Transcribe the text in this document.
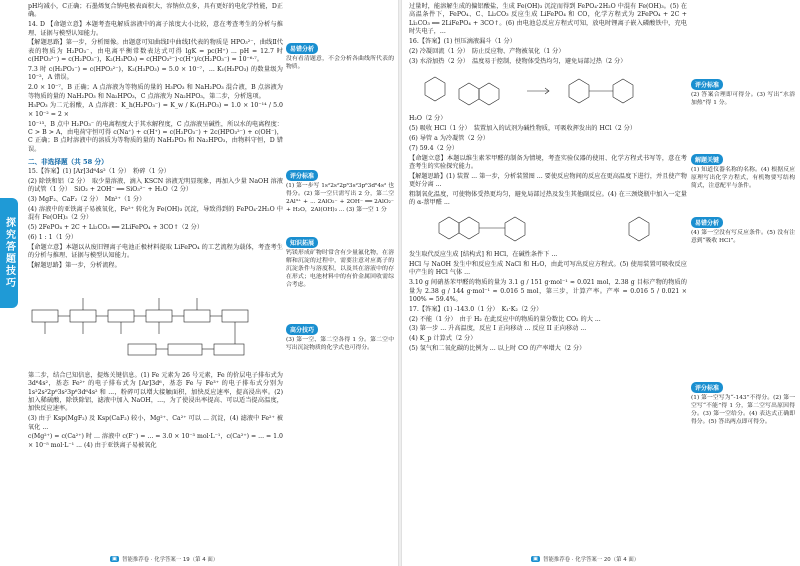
探究答题技巧

pH均减小，C正确；石墨烯复合钠电极表面积大，容钠位点多，具有更好的电化学性能，D正确。

14. D 【命题立意】本题考查电解质溶液中的离子浓度大小比较，意在考查考生的分析与推理、证据与模型认知能力。

【解题思路】第一步，分析图像。由题意可知曲线Ⅰ中曲线Ⅰ代表的物质是 HPO₃²⁻，曲线Ⅱ代表的物质为 H₂PO₃⁻，由电离平衡常数表达式可得 lgK = pc(H⁺) ... pH = 12.7 时 c(HPO₃²⁻) = c(H₂PO₃⁻)，K₂(H₃PO₃) = c(HPO₃²⁻)·c(H⁺)/c(H₂PO₃⁻) = 10⁻⁶·⁷。

7.3 时 c(H₂PO₃⁻) = c(HPO₃²⁻)，K₂(H₃PO₃) = 5.0 × 10⁻⁷，... K₁(H₃PO₃) 的数量级为 10⁻²，A 错误。

2.0 × 10⁻⁷，B 正确；A 点溶液为等物质的量的 H₃PO₃ 和 NaH₂PO₃ 混合液，B 点溶液为等物质的量的 NaH₂PO₃ 和 Na₂HPO₃，C 点溶液为 Na₂HPO₃，第二步，分析选项。

H₃PO₃ 为二元弱酸，A 点溶液：K_h(H₂PO₃⁻) = K_w / K₁(H₃PO₃) = 1.0 × 10⁻¹⁴ / 5.0 × 10⁻² = 2 ×

10⁻¹³，B 点中 H₂PO₃⁻ 的电离程度大于其水解程度，C 点溶液呈碱性，所以水的电离程度：C > B > A，由电荷守恒可得 c(Na⁺) + c(H⁺) = c(H₂PO₃⁻) + 2c(HPO₃²⁻) + c(OH⁻)，C 正确；B 点时溶液中的溶质为等物质的量的 NaH₂PO₃ 和 Na₂HPO₃，由物料守恒，D 错误。

二、非选择题（共 58 分）

15.【答案】(1) [Ar]3d⁶4s²（1 分）　粉碎（1 分）

(2) 除铁和铝（2 分）　取少量溶液，滴入 KSCN 溶液无明显现象，再加入少量 NaOH 溶液的试管（1 分）　SiO₂ + 2OH⁻ ══ SiO₃²⁻ + H₂O（2 分）

(3) MgF₂、CaF₂（2 分）　Mn²⁺（1 分）

(4) 溶液中的亚铁离子易被氧化，Fe²⁺ 转化为 Fe(OH)₃ 沉淀，导致得到的 FePO₄·2H₂O 中混有 Fe(OH)₃（2 分）

(5) 2FePO₄ + 2C + Li₂CO₃ ══ 2LiFePO₄ + 3CO↑（2 分）

(6) 1 : 1（1 分）

【命题立意】本题以从废旧锂离子电池正极材料提取 LiFePO₄ 的工艺流程为载体，考查考生的分析与推理、证据与模型认知能力。

【解题思路】第一步，分析流程。

第二步，结合已知信息，提炼关键信息。(1) Fe 元素为 26 号元素，Fe 的价层电子排布式为 3d⁶4s²，基态 Fe²⁺ 的电子排布式为 [Ar]3d⁶，基态 Fe 与 Fe³⁺ 的电子排布式分别为 1s²2s²2p⁶3s²3p⁶3d⁶4s² 和 ...，粉碎可以增大接触面积，加快反应速率，提高浸出率。(2) 加入稀硫酸，除铁除铝，滤液中加入 NaOH，...，为了使浸出率提高、可以适当提高温度，加快反应速率。

(3) 由于 Ksp(MgF₂) 及 Ksp(CaF₂) 较小，Mg²⁺、Ca²⁺ 可以 ... 沉淀，(4) 滤液中 Fe²⁺ 被氧化 ...

c(Mg²⁺) = c(Ca²⁺) 时 ... 溶液中 c(F⁻) = ... = 3.0 × 10⁻³ mol·L⁻¹，c(Ca²⁺) = ... = 1.0 × 10⁻⁵ mol·L⁻¹ ... (4) 由于亚铁离子易被氧化

易错分析

没有看清题意，不会分析各曲线所代表的物质。

评分标准

(1) 第一步写 1s²2s²2p⁶3s²3p⁶3d⁶4s² 也得分。(2) 第一空只需写出 2 分，第二空 2Al³⁺ + ... 2AlO₂⁻ + 2OH⁻ ══ 2AlO₂⁻ + H₂O，2Al(OH)₃ ... (3) 第一空 1 分

知识拓展

钙镁形成矿物时常含有少量氟化物，在溶解和沉淀的过程中，需要注意对应离子的沉淀条件与溶度积，以及其在溶液中的存在形式；电池材料中的有价金属回收需综合考虑。

高分技巧

(3) 第一空、第二空各得 1 分。第二空中写出沉淀物质的化学式也可得分。

▣ 智能推荐卷 · 化学答案一 19（第 4 面）

过量时，能溶解生成的偏铝酸盐，生成 Fe(OH)₃ 沉淀而得到 FePO₄·2H₂O 中混有 Fe(OH)₃。(5) 在高温条件下，FePO₄、C、Li₂CO₃ 反应生成 LiFePO₄ 和 CO，化学方程式为 2FePO₄ + 2C + Li₂CO₃ ══ 2LiFePO₄ + 3CO↑。(6) 由电池总反应方程式可知，放电时锂离子嵌入磷酸铁中，充电时失电子，...

16.【答案】(1) 恒压滴液漏斗（1 分）

(2) 冷凝回流（1 分）　防止反应物、产物被氧化（1 分）

(3) 水浴加热（2 分）　温度易于控制，使物体受热均匀，避免局部过热（2 分）

H₂O（2 分）

(5) 吸收 HCl（1 分）　装置加入的试剂为碱性物质，可吸收挥发出的 HCl（2 分）

(6) 导管 a 为冷凝管（2 分）

(7) 59.4（2 分）

【命题立意】本题以维生素苯甲醛的制备为情境，考查实验仪器的使用、化学方程式书写等，意在考查考生的实验探究能力。

【解题思路】(1) 装置 ... 第一步，分析装置图 ... 要使反应物间的反应在更高温度下进行，并且使产物更好分离 ...

粗制氧化温度，可使物体受热更均匀，避免局部过热及发生其他副反应。(4) 在三颈烧瓶中加入一定量的 α-萘甲醛 ...

发生取代反应生成 [结构式] 和 HCl，在碱性条件下 ...

HCl 与 NaOH 发生中和反应生成 NaCl 和 H₂O，由此可写出反应方程式。(5) 使用装置可吸收反应中产生的 HCl 气体 ...

3.10 g 间硝基苯甲醛的物质的量为 3.1 g / 151 g·mol⁻¹ ≈ 0.021 mol，2.38 g 目标产物的物质的量为 2.38 g / 144 g·mol⁻¹ ≈ 0.016 5 mol，第三步，计算产率。产率 = 0.016 5 / 0.021 × 100% = 59.4%。

17.【答案】(1) -143.0（1 分）　K₁·K₂（2 分）

(2) 不能（1 分）　由于 H₂ 在此反应中的物质的量分数比 CO₂ 的大 ...

(3) 第一步 ... 升高温度，反应 I 正向移动 ... 反应 II 正向移动 ...

(4) K_p 计算式（2 分）

(5) 氢气和二氧化碳的比例为 ... 以上时 CO 的产率增大（2 分）

评分标准

(2) 答案合理即可得分。(3) 写出“水浴加热”得 1 分。

解题关键

(1) 知道仪器名称的名称。(4) 根据反应原理写出化学方程式，有机物要写结构简式，注意配平与条件。

易错分析

(4) 第一空没有写反应条件。(5) 没有注意到“吸收 HCl”。

评分标准

(1) 第一空写为“-143”不得分。(2) 第一空写“不能”得 1 分，第二空写出原因得分。(3) 第一空给分。(4) 表达式正确即得分。(5) 答出两点即可得分。

▣ 智能推荐卷 · 化学答案一 20（第 4 面）
